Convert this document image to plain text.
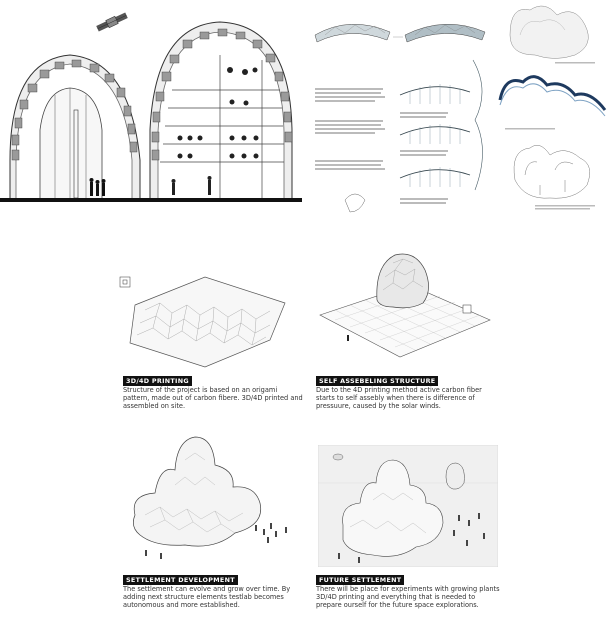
3D/4D PRINTING
Structure of the project is based on an origami pattern, made out of carbon fibere. 3D/4D printed and assembled on site.
SELF ASSEBELING STRUCTURE
Due to the 4D printing method active carbon fiber starts to self assebly when there is difference of pressuure, caused by the solar winds.
SETTLEMENT DEVELOPMENT
The settlement can evolve and grow over time. By adding next structure elements testlab becomes autonomous and more established.
FUTURE SETTLEMENT
There will be place for experiments with growing plants 3D/4D printing and everything that is needed to prepare ourself for the future space explorations.
